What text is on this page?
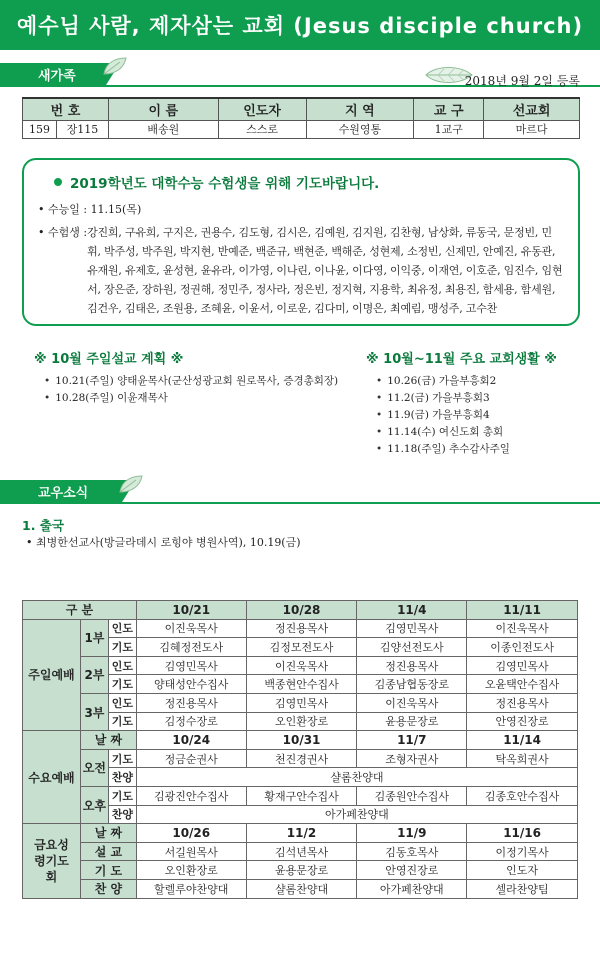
예수님 사람, 제자삼는 교회 (Jesus disciple church)
새가족	2018년 9월 2일 등록
번 호		이 름	인도자	지 역	교 구	선교회
159	장115	배송원	스스로	수원영통	1교구	마르다
2019학년도 대학수능 수험생을 위해 기도바랍니다.
• 수능일 : 11.15(목)
• 수험생 : 강진희, 구유희, 구지은, 권용수, 김도형, 김시은, 김예원, 김지원, 김찬형, 남상화, 류동국, 문정빈, 민 휘, 박주성, 박주원, 박지현, 반예준, 백준규, 백현준, 백해준, 성현제, 소정빈, 신제민, 안예진, 유동관, 유재원, 유제호, 윤성현, 윤유라, 이가영, 이나린, 이나윤, 이다영, 이익중, 이재연, 이호준, 임진수, 임현서, 장은준, 장하원, 정권해, 정민주, 정사라, 정은빈, 정지혁, 지용학, 최유정, 최용진, 함세용, 함세원, 김건우, 김태은, 조원용, 조혜윤, 이윤서, 이로운, 김다미, 이명은, 최예림, 맹성주, 고수찬
※ 10월 주일설교 계획 ※
• 10.21(주일) 양태윤목사(군산성광교회 원로목사, 증경총회장)
• 10.28(주일) 이윤재목사
※ 10월~11월 주요 교회생활 ※
• 10.26(금) 가을부흥회2
• 11.2(금) 가을부흥회3
• 11.9(금) 가을부흥회4
• 11.14(수) 여신도회 총회
• 11.18(주일) 추수감사주일
교우소식
1. 출국
• 최병한선교사(방글라데시 로힝야 병원사역), 10.19(금)
구 분			10/21	10/28	11/4	11/11
주일예배	1부	인도	이진욱목사	정진용목사	김영민목사	이진욱목사
		기도	김혜정전도사	김정모전도사	김양선전도사	이종인전도사
	2부	인도	김영민목사	이진욱목사	정진용목사	김영민목사
		기도	양태성안수집사	백종현안수집사	김종남협동장로	오윤택안수집사
	3부	인도	정진용목사	김영민목사	이진욱목사	정진용목사
		기도	김정수장로	오인환장로	윤용문장로	안영진장로
수요예배	날 짜		10/24	10/31	11/7	11/14
	오전	기도	정금순권사	천진경권사	조형자권사	탁옥희권사
		찬양	샬롬찬양대			
	오후	기도	김광진안수집사	황재구안수집사	김종원안수집사	김종호안수집사
		찬양	아가페찬양대			
금요성령기도회	날 짜		10/26	11/2	11/9	11/16
	설 교		서길원목사	김석년목사	김동호목사	이정기목사
	기 도		오인환장로	윤용문장로	안영진장로	인도자
	찬 양		할렐루야찬양대	샬롬찬양대	아가페찬양대	셀라찬양팀
